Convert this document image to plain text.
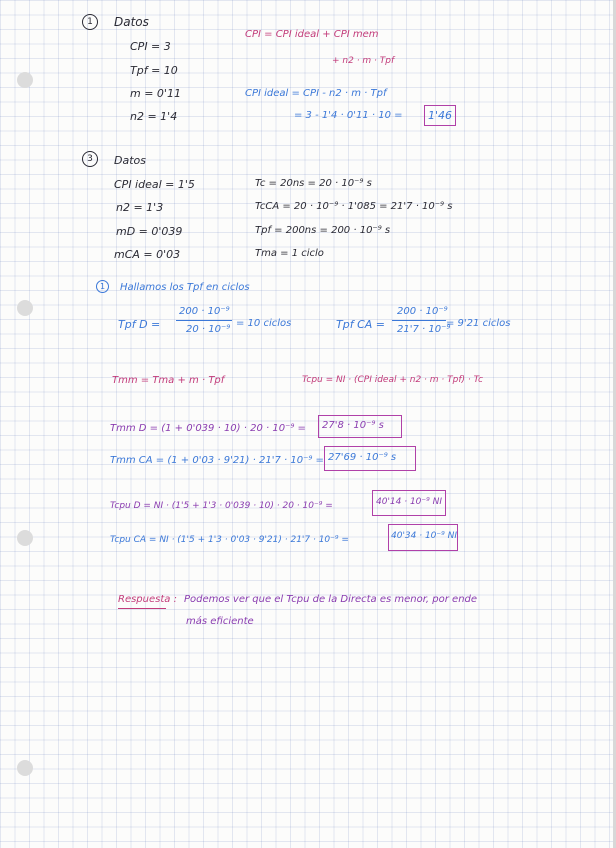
1	Datos
CPI = 3
Tpf = 10
m = 0'11
n2 = 1'4
CPI = CPI ideal + CPI mem
+ n2 · m · Tpf
CPI ideal = CPI - n2 · m · Tpf
= 3 - 1'4 · 0'11 · 10 = 1'46
3	Datos
CPI ideal = 1'5
n2 = 1'3
mD = 0'039
mCA = 0'03
Tc = 20ns = 20 · 10⁻⁹ s
TcCA = 20 · 10⁻⁹ · 1'085 = 21'7 · 10⁻⁹ s
Tpf = 200ns = 200 · 10⁻⁹ s
Tma = 1 ciclo
1	Hallamos los Tpf en ciclos
Tpf D =
200 · 10⁻⁹
20 · 10⁻⁹
= 10 ciclos	Tpf CA =
200 · 10⁻⁹
21'7 · 10⁻⁹
= 9'21 ciclos
Tmm = Tma + m · Tpf	Tcpu = NI · (CPI ideal + n2 · m · Tpf) · Tc
Tmm D = (1 + 0'039 · 10) · 20 · 10⁻⁹ = 27'8 · 10⁻⁹ s
Tmm CA = (1 + 0'03 · 9'21) · 21'7 · 10⁻⁹ = 27'69 · 10⁻⁹ s
Tcpu D = NI · (1'5 + 1'3 · 0'039 · 10) · 20 · 10⁻⁹ =	40'14 · 10⁻⁹ NI
Tcpu CA = NI · (1'5 + 1'3 · 0'03 · 9'21) · 21'7 · 10⁻⁹ =	40'34 · 10⁻⁹ NI
Respuesta : Podemos ver que el Tcpu de la Directa es menor, por ende
más eficiente
